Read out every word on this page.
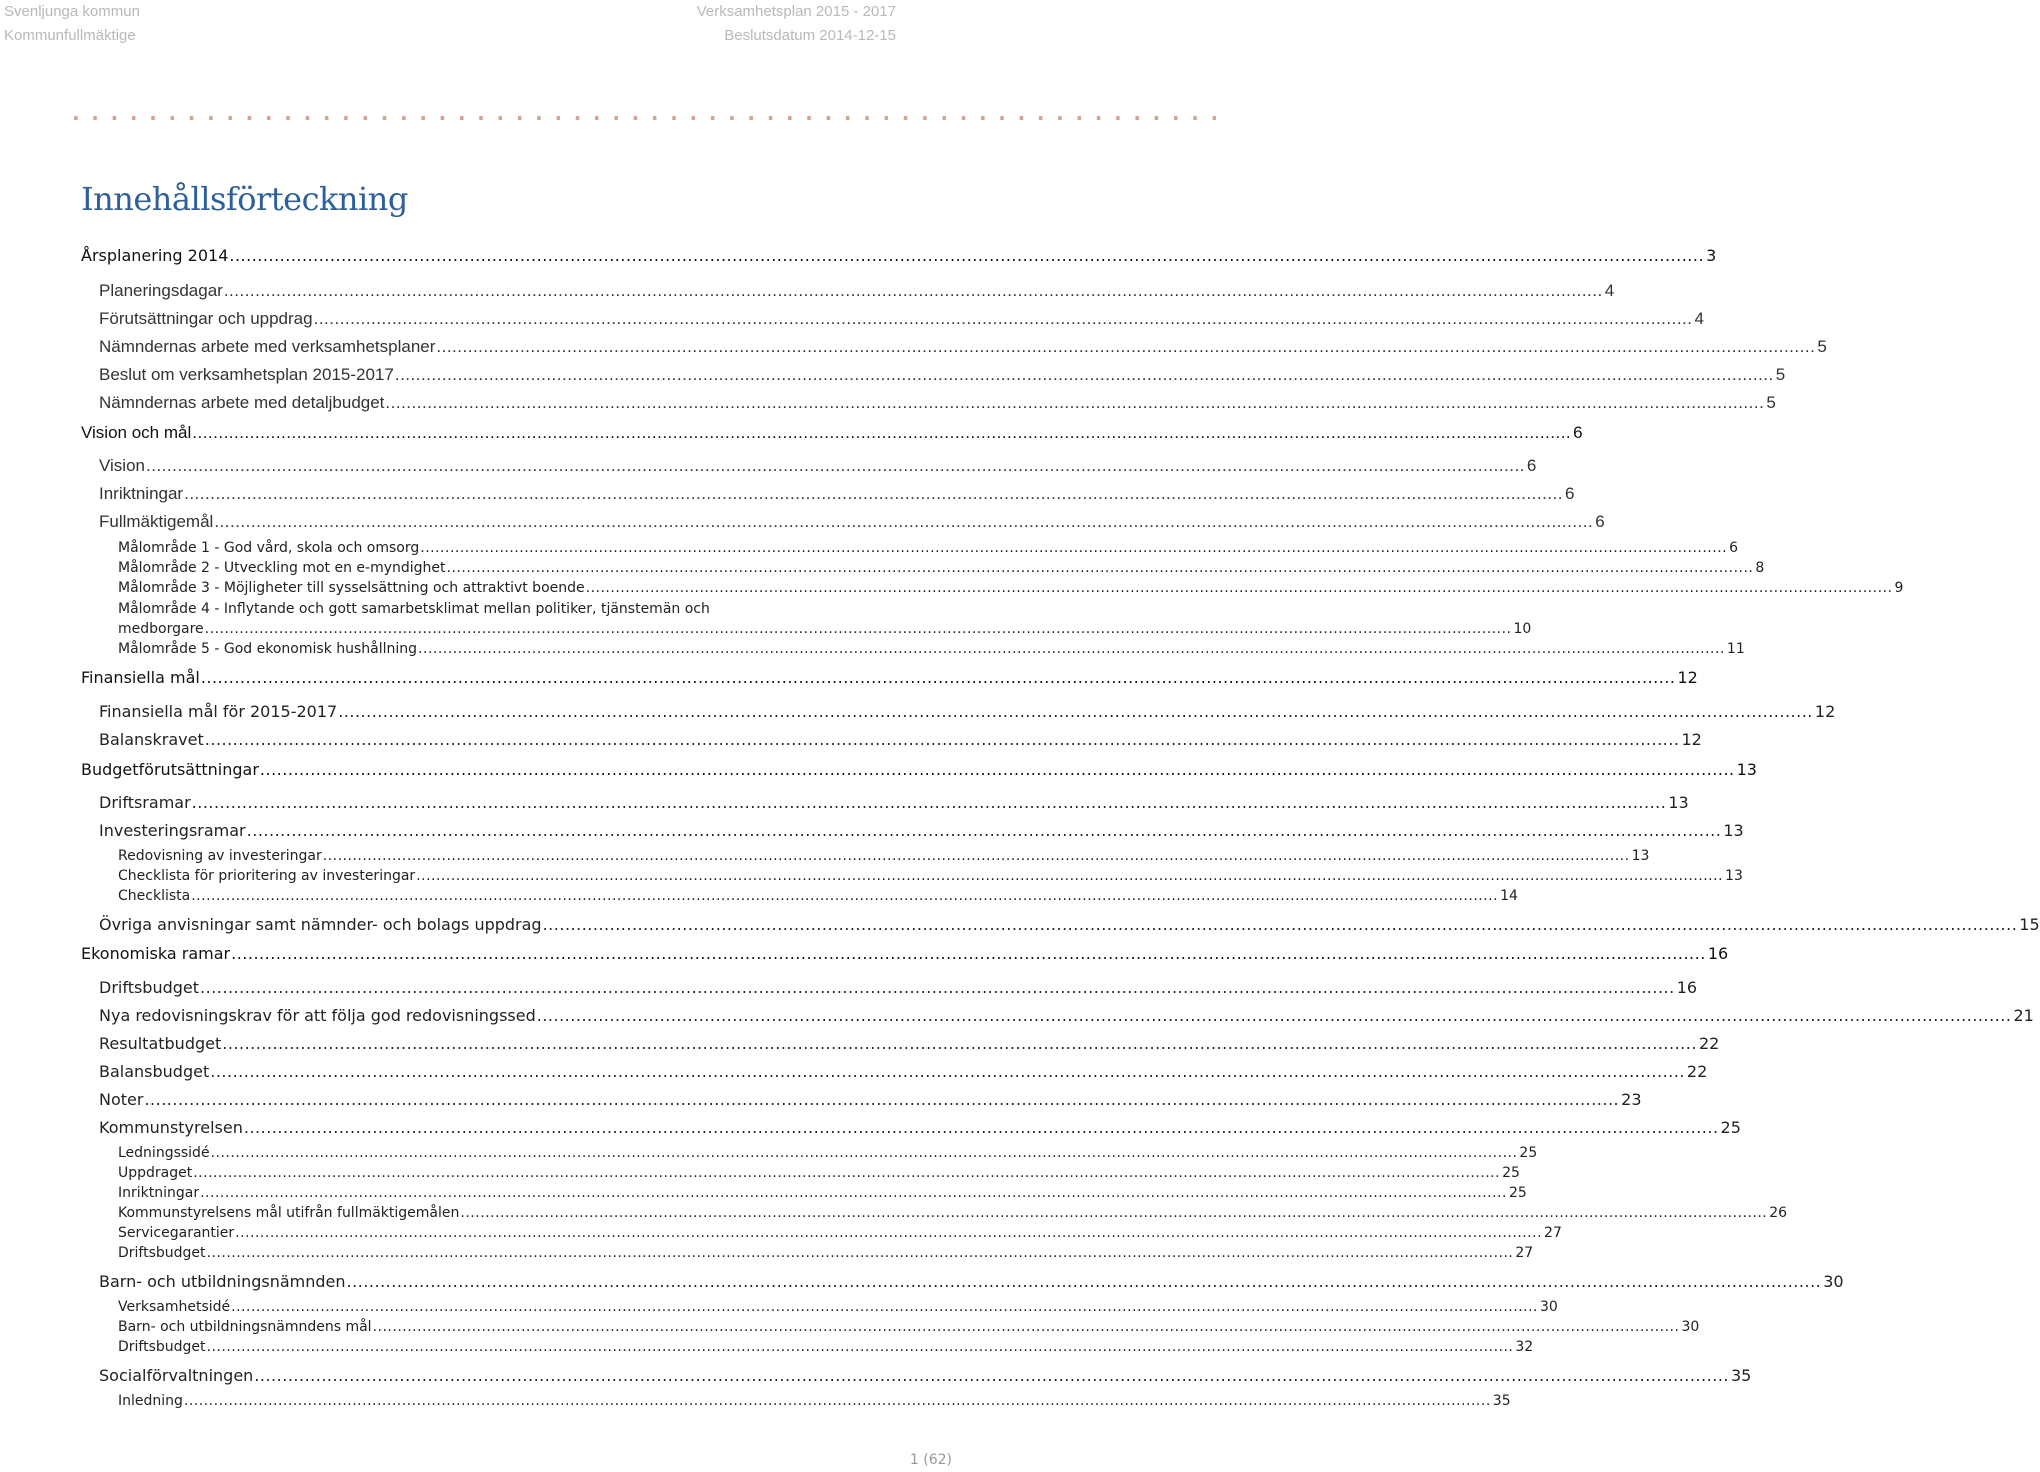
Svenljunga kommun
Kommunfullmäktige
Verksamhetsplan 2015 - 2017
Beslutsdatum 2014-12-15
............................................................
Innehållsförteckning
Årsplanering 2014 .....	3
Planeringsdagar .....	4
Förutsättningar och uppdrag .....	4
Nämndernas arbete med verksamhetsplaner .....	5
Beslut om verksamhetsplan 2015-2017 .....	5
Nämndernas arbete med detaljbudget .....	5
Vision och mål .....	6
Vision .....	6
Inriktningar .....	6
Fullmäktigemål .....	6
Målområde 1 - God vård, skola och omsorg .....	6
Målområde 2 - Utveckling mot en e-myndighet .....	8
Målområde 3 - Möjligheter till sysselsättning och attraktivt boende .....	9
Målområde 4 - Inflytande och gott samarbetsklimat mellan politiker, tjänstemän och
medborgare .....	10
Målområde 5 - God ekonomisk hushållning .....	11
Finansiella mål .....	12
Finansiella mål för 2015-2017 .....	12
Balanskravet .....	12
Budgetförutsättningar .....	13
Driftsramar .....	13
Investeringsramar .....	13
Redovisning av investeringar .....	13
Checklista för prioritering av investeringar .....	13
Checklista .....	14
Övriga anvisningar samt nämnder- och bolags uppdrag .....	15
Ekonomiska ramar .....	16
Driftsbudget .....	16
Nya redovisningskrav för att följa god redovisningssed .....	21
Resultatbudget .....	22
Balansbudget .....	22
Noter .....	23
Kommunstyrelsen .....	25
Ledningssidé .....	25
Uppdraget .....	25
Inriktningar .....	25
Kommunstyrelsens mål utifrån fullmäktigemålen .....	26
Servicegarantier .....	27
Driftsbudget .....	27
Barn- och utbildningsnämnden .....	30
Verksamhetsidé .....	30
Barn- och utbildningsnämndens mål .....	30
Driftsbudget .....	32
Socialförvaltningen .....	35
Inledning .....	35
1 (62)
